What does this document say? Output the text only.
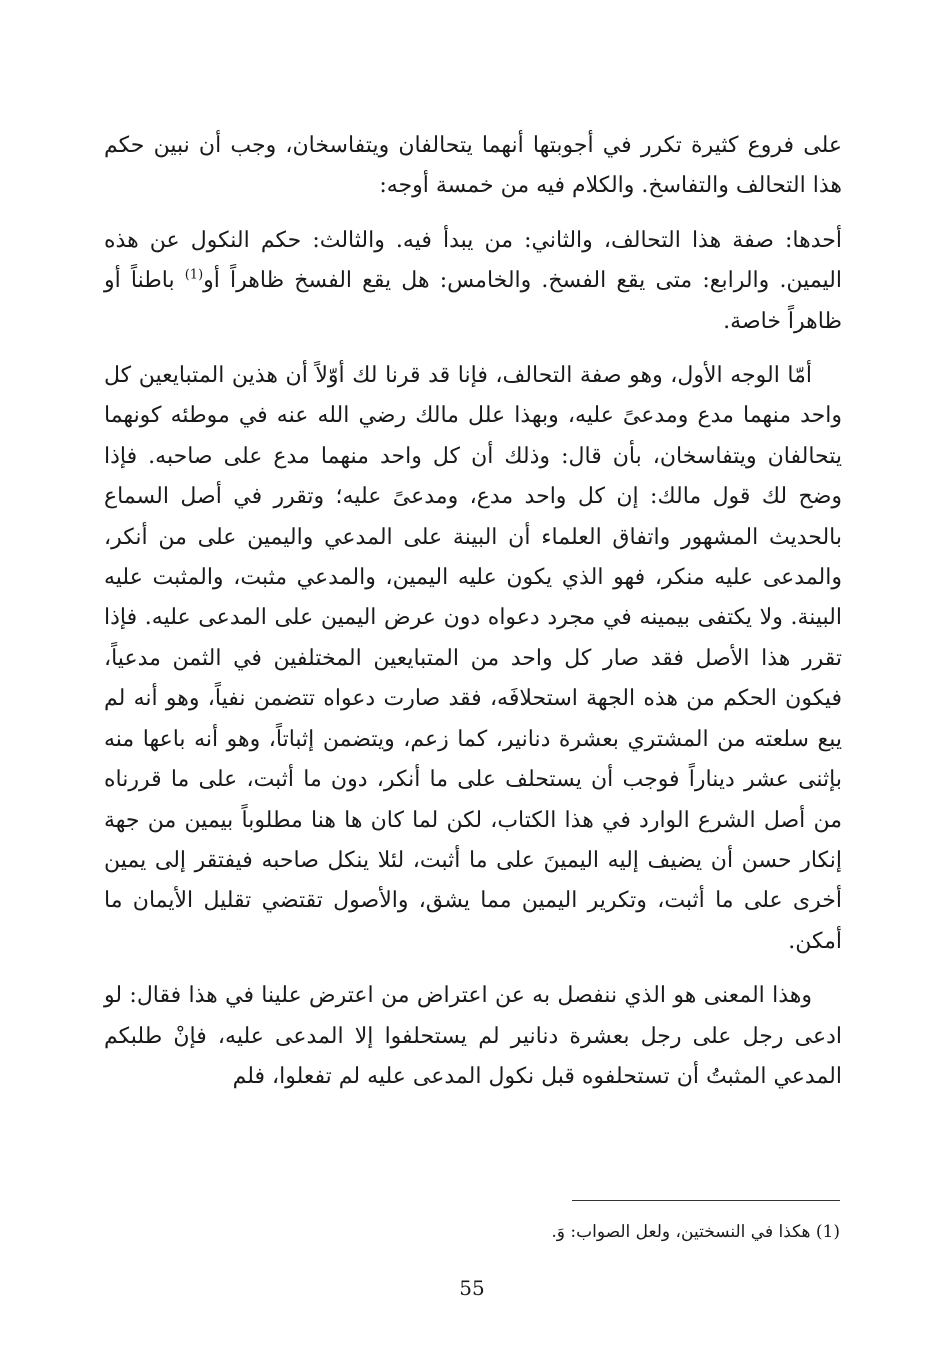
على فروع كثيرة تكرر في أجوبتها أنهما يتحالفان ويتفاسخان، وجب أن نبين حكم هذا التحالف والتفاسخ. والكلام فيه من خمسة أوجه:

أحدها: صفة هذا التحالف، والثاني: من يبدأ فيه. والثالث: حكم النكول عن هذه اليمين. والرابع: متى يقع الفسخ. والخامس: هل يقع الفسخ ظاهراً أو$^{(1)}$ باطناً أو ظاهراً خاصة.

أمّا الوجه الأول، وهو صفة التحالف، فإنا قد قرنا لك أوّلاً أن هذين المتبايعين كل واحد منهما مدع ومدعىً عليه، وبهذا علل مالك رضي الله عنه في موطئه كونهما يتحالفان ويتفاسخان، بأن قال: وذلك أن كل واحد منهما مدع على صاحبه. فإذا وضح لك قول مالك: إن كل واحد مدع، ومدعىً عليه؛ وتقرر في أصل السماع بالحديث المشهور واتفاق العلماء أن البينة على المدعي واليمين على من أنكر، والمدعى عليه منكر، فهو الذي يكون عليه اليمين، والمدعي مثبت، والمثبت عليه البينة. ولا يكتفى بيمينه في مجرد دعواه دون عرض اليمين على المدعى عليه. فإذا تقرر هذا الأصل فقد صار كل واحد من المتبايعين المختلفين في الثمن مدعياً، فيكون الحكم من هذه الجهة استحلافَه، فقد صارت دعواه تتضمن نفياً، وهو أنه لم يبع سلعته من المشتري بعشرة دنانير، كما زعم، ويتضمن إثباتاً، وهو أنه باعها منه بإثنى عشر ديناراً فوجب أن يستحلف على ما أنكر، دون ما أثبت، على ما قررناه من أصل الشرع الوارد في هذا الكتاب، لكن لما كان ها هنا مطلوباً بيمين من جهة إنكار حسن أن يضيف إليه اليمينَ على ما أثبت، لئلا ينكل صاحبه فيفتقر إلى يمين أخرى على ما أثبت، وتكرير اليمين مما يشق، والأصول تقتضي تقليل الأيمان ما أمكن.

وهذا المعنى هو الذي ننفصل به عن اعتراض من اعترض علينا في هذا فقال: لو ادعى رجل على رجل بعشرة دنانير لم يستحلفوا إلا المدعى عليه، فإنْ طلبكم المدعي المثبتُ أن تستحلفوه قبل نكول المدعى عليه لم تفعلوا، فلم

(1) هكذا في النسختين، ولعل الصواب: وَ.
55
